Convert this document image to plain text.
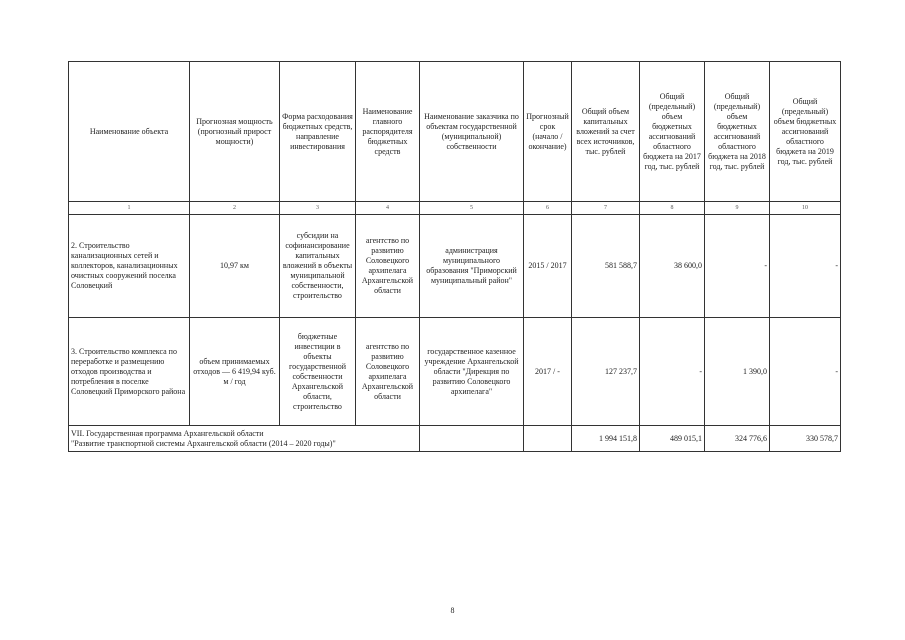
Наименование объекта	Прогнозная мощность (прогнозный прирост мощности)	Форма расходования бюджетных средств, направление инвестирования	Наименование главного распорядителя бюджетных средств	Наименование заказчика по объектам государственной (муниципальной) собственности	Прогнозный срок (начало / окончание)	Общий объем капитальных вложений за счет всех источников, тыс. рублей	Общий (предельный) объем бюджетных ассигнований областного бюджета на 2017 год, тыс. рублей	Общий (предельный) объем бюджетных ассигнований областного бюджета на 2018 год, тыс. рублей	Общий (предельный) объем бюджетных ассигнований областного бюджета на 2019 год, тыс. рублей
1	2	3	4	5	6	7	8	9	10
2. Строительство канализационных сетей и коллекторов, канализационных очистных сооружений поселка Соловецкий	10,97 км	субсидии на софинансирование капитальных вложений в объекты муниципальной собственности, строительство	агентство по развитию Соловецкого архипелага Архангельской области	администрация муниципального образования "Приморский муниципальный район"	2015 / 2017	581 588,7	38 600,0	-	-
3. Строительство комплекса по переработке и размещению отходов производства и потребления в поселке Соловецкий Приморского района	объем принимаемых отходов — 6 419,94 куб. м / год	бюджетные инвестиции в объекты государственной собственности Архангельской области, строительство	агентство по развитию Соловецкого архипелага Архангельской области	государственное казенное учреждение Архангельской области "Дирекция по развитию Соловецкого архипелага"	2017 / -	127 237,7	-	1 390,0	-

VII. Государственная программа Архангельской области
"Развитие транспортной системы Архангельской области (2014 – 2020 годы)"						1 994 151,8	489 015,1	324 776,6	330 578,7
8
